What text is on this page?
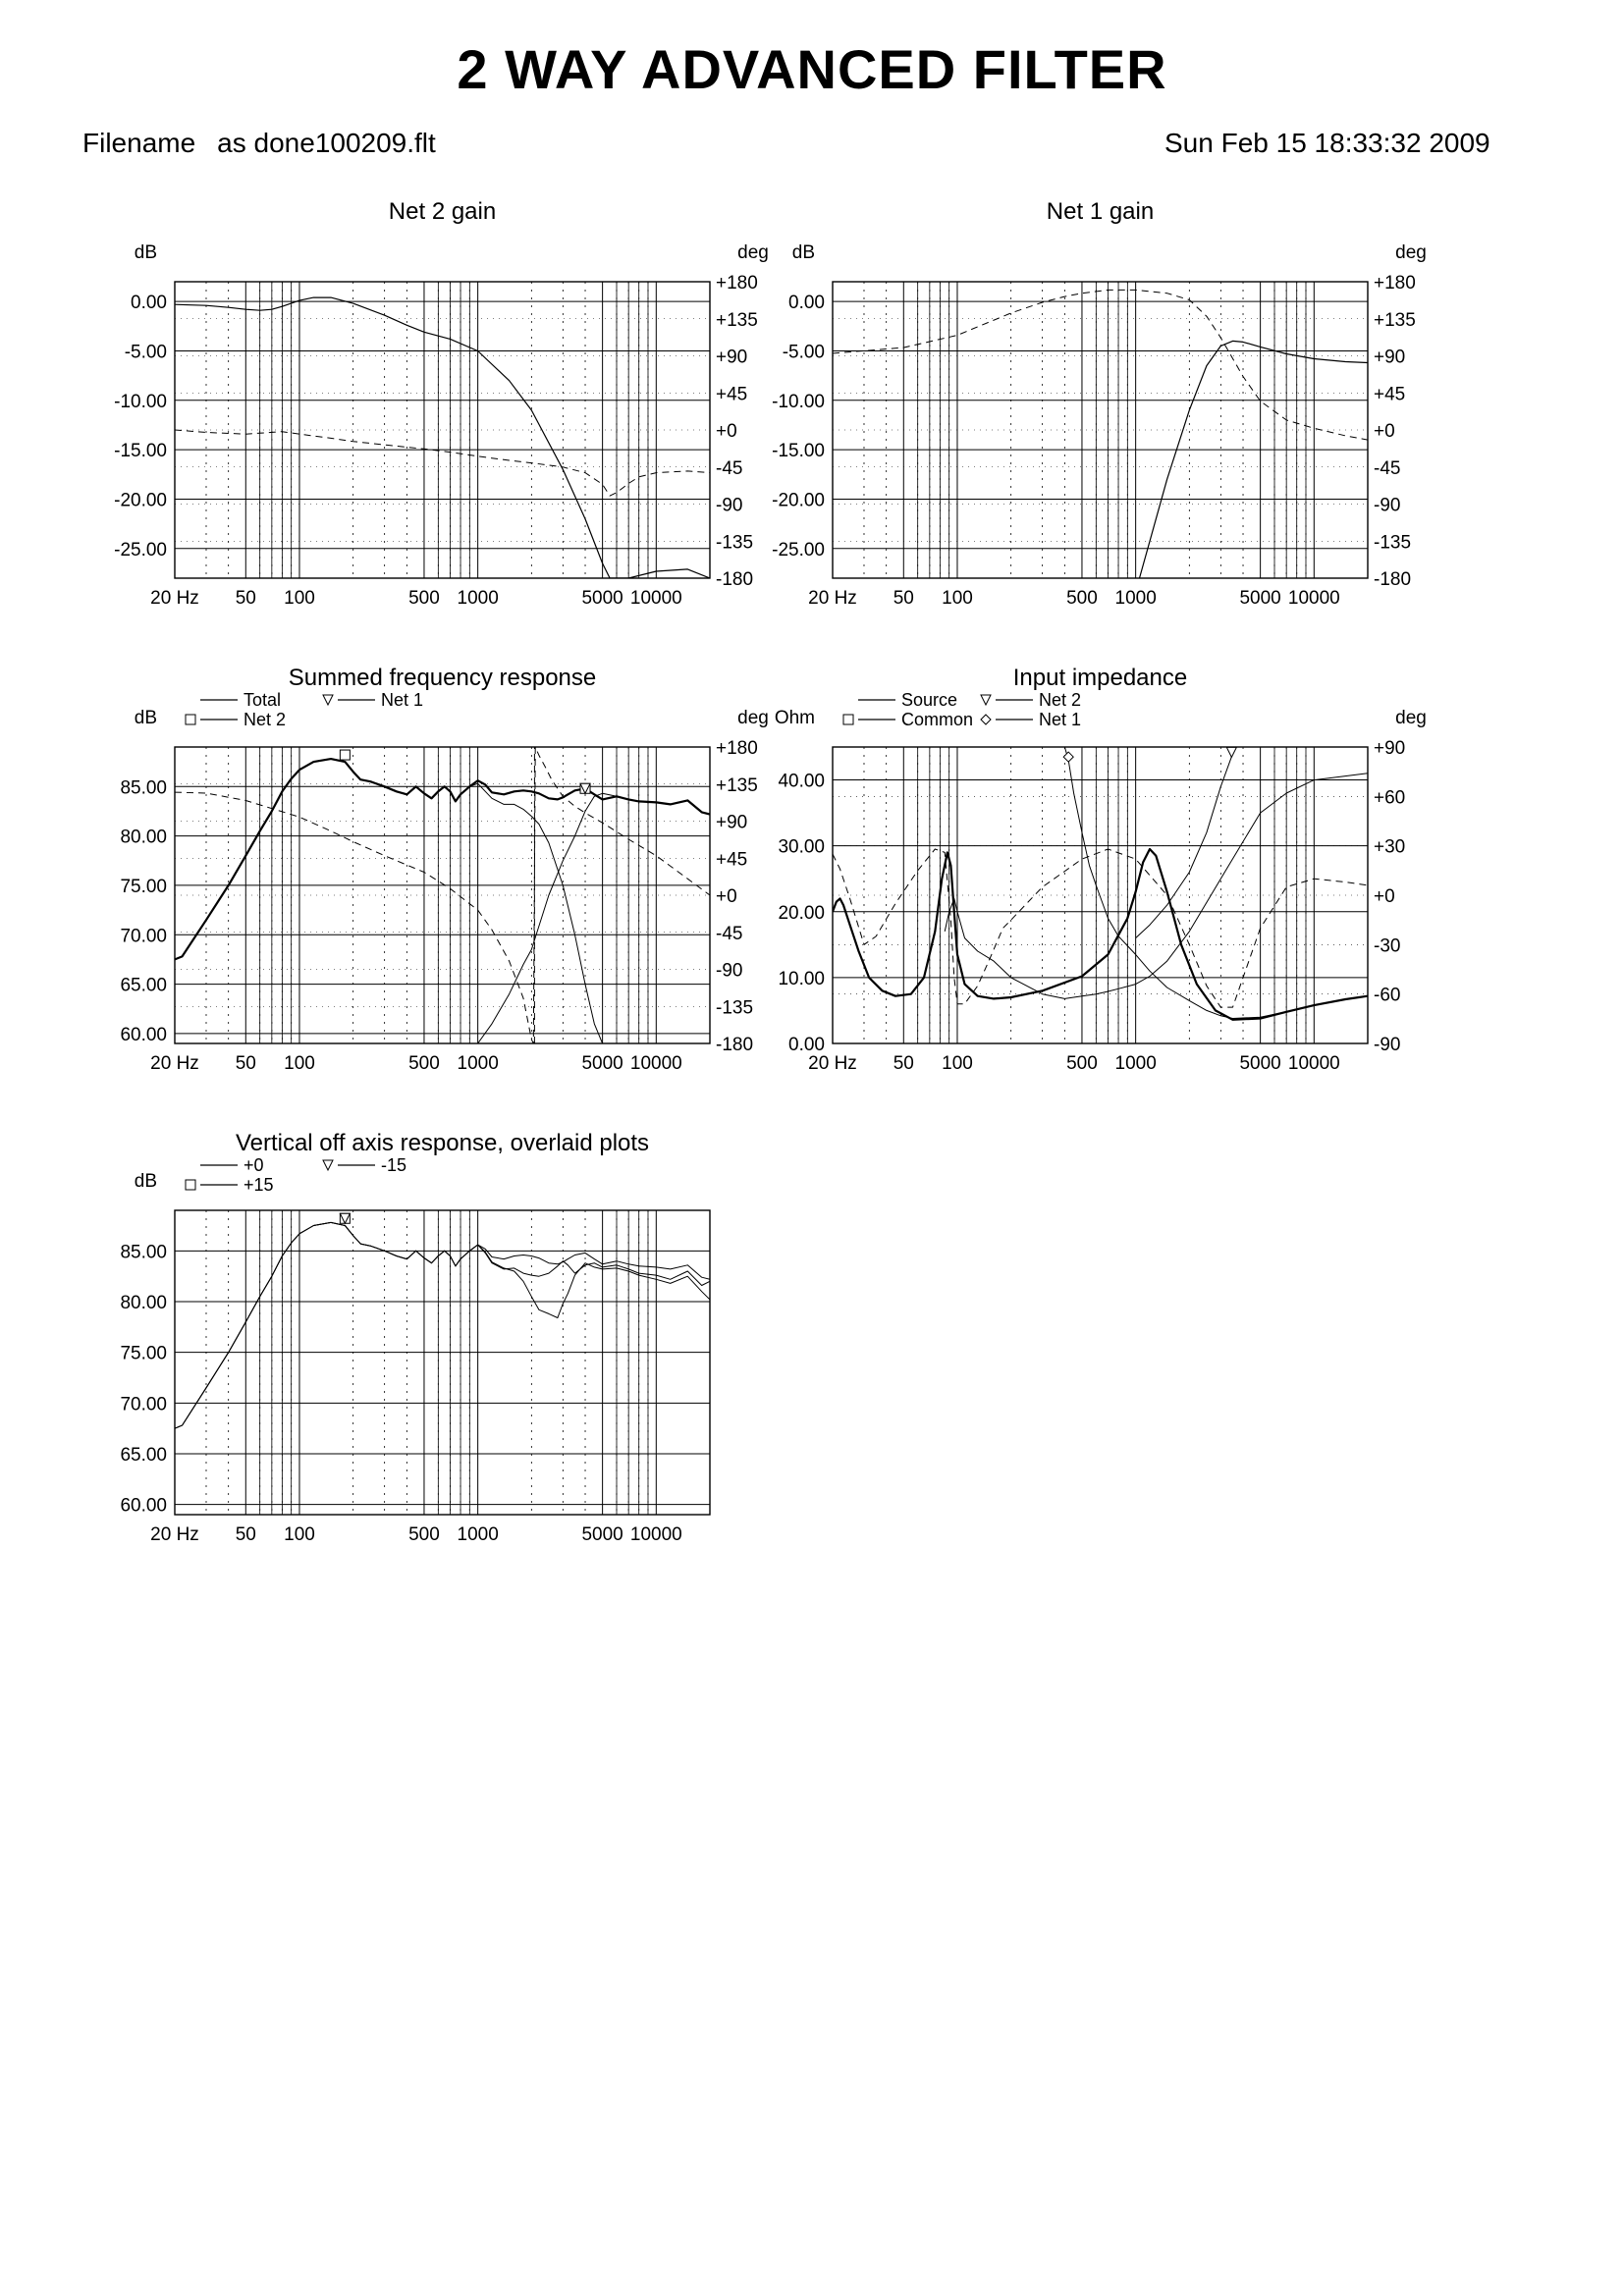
2 WAY ADVANCED FILTER
Filename as done100209.flt	Sun Feb 15 18:33:32 2009
Net 2 gain
dB	deg
20 Hz 50 100	500 1000	5000 10000
0.00
-5.00
-10.00
-15.00
-20.00
-25.00
+180
+135
+90
+45
+0
-45
-90
-135
-180
Net 1 gain
dB	deg
20 Hz 50 100	500 1000	5000 10000
0.00
-5.00
-10.00
-15.00
-20.00
-25.00
+180
+135
+90
+45
+0
-45
-90
-135
-180
Summed frequency response
dB	deg
20 Hz 50 100	500 1000	5000 10000
85.00
80.00
75.00
70.00
65.00
60.00
+180
+135
+90
+45
+0
-45
-90
-135
-180
Total
Net 2
Net 1
Input impedance
Ohm	deg
20 Hz 50 100	500 1000	5000 10000
40.00
30.00
20.00
10.00
0.00
+90
+60
+30
+0
-30
-60
-90
Source
Common
Net 2
Net 1
Vertical off axis response, overlaid plots
dB
20 Hz 50 100	500 1000	5000 10000
85.00
80.00
75.00
70.00
65.00
60.00
+0
+15
-15
